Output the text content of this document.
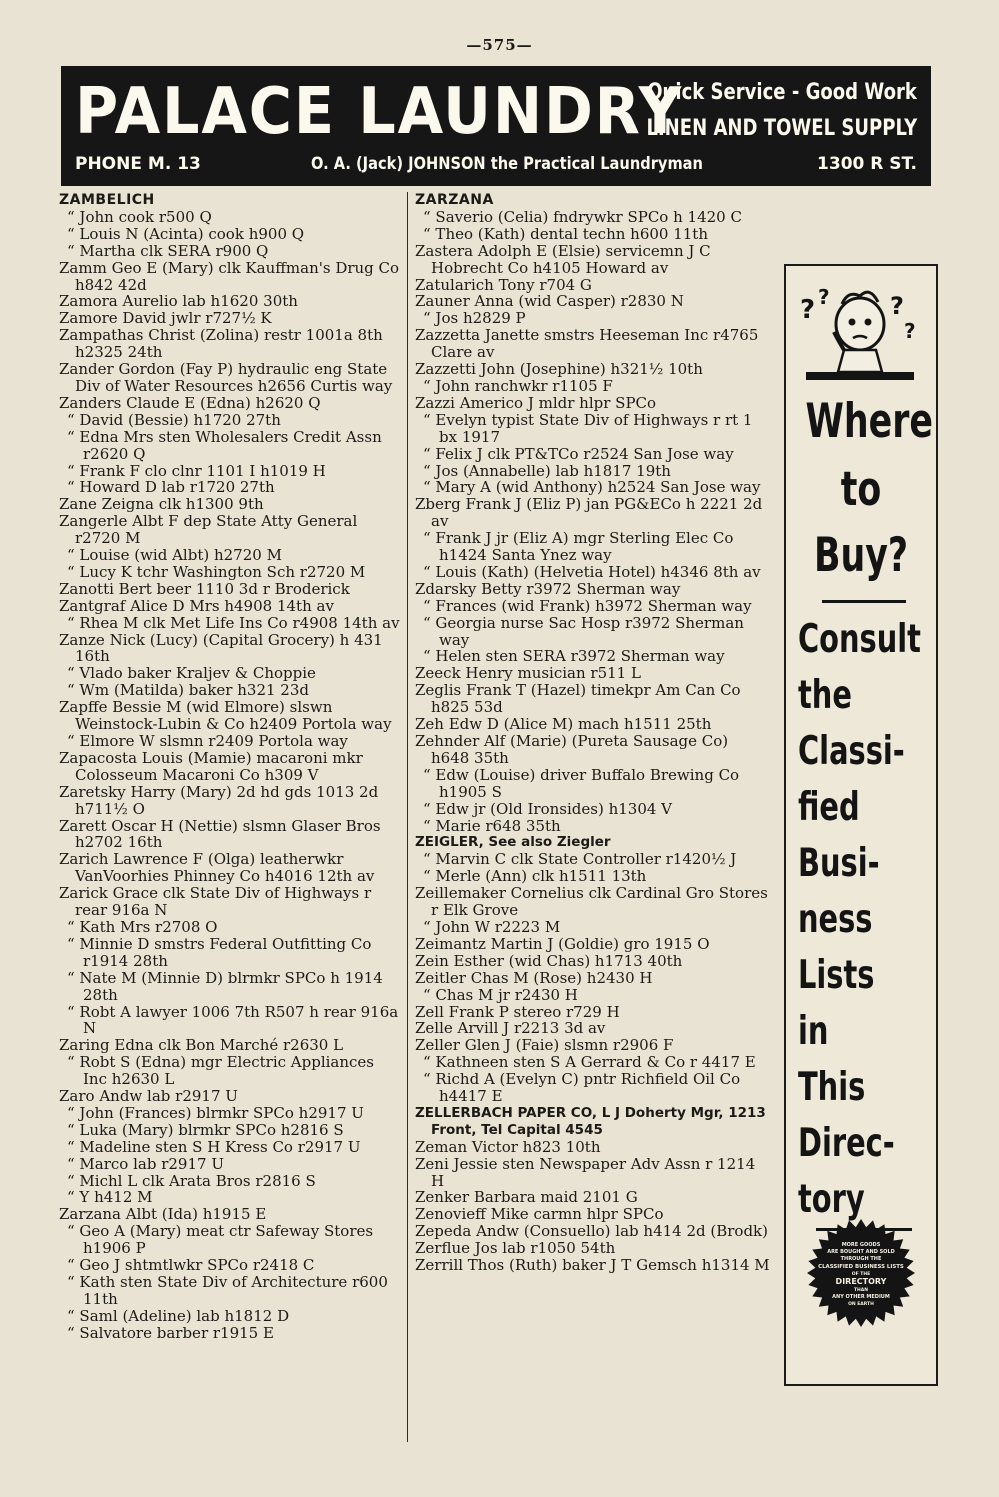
—575—
PALACE LAUNDRY
Quick Service - Good Work
LINEN AND TOWEL SUPPLY
PHONE M. 13	O. A. (Jack) JOHNSON the Practical Laundryman	1300 R ST.
ZAMBELICH
“ John cook r500 Q
“ Louis N (Acinta) cook h900 Q
“ Martha clk SERA r900 Q
Zamm Geo E (Mary) clk Kauffman's Drug Co h842 42d
Zamora Aurelio lab h1620 30th
Zamore David jwlr r727½ K
Zampathas Christ (Zolina) restr 1001a 8th h2325 24th
Zander Gordon (Fay P) hydraulic eng State Div of Water Resources h2656 Curtis way
Zanders Claude E (Edna) h2620 Q
“ David (Bessie) h1720 27th
“ Edna Mrs sten Wholesalers Credit Assn r2620 Q
“ Frank F clo clnr 1101 I h1019 H
“ Howard D lab r1720 27th
Zane Zeigna clk h1300 9th
Zangerle Albt F dep State Atty General r2720 M
“ Louise (wid Albt) h2720 M
“ Lucy K tchr Washington Sch r2720 M
Zanotti Bert beer 1110 3d r Broderick
Zantgraf Alice D Mrs h4908 14th av
“ Rhea M clk Met Life Ins Co r4908 14th av
Zanze Nick (Lucy) (Capital Grocery) h 431 16th
“ Vlado baker Kraljev & Choppie
“ Wm (Matilda) baker h321 23d
Zapffe Bessie M (wid Elmore) slswn Weinstock-Lubin & Co h2409 Portola way
“ Elmore W slsmn r2409 Portola way
Zapacosta Louis (Mamie) macaroni mkr Colosseum Macaroni Co h309 V
Zaretsky Harry (Mary) 2d hd gds 1013 2d h711½ O
Zarett Oscar H (Nettie) slsmn Glaser Bros h2702 16th
Zarich Lawrence F (Olga) leatherwkr VanVoorhies Phinney Co h4016 12th av
Zarick Grace clk State Div of Highways r rear 916a N
“ Kath Mrs r2708 O
“ Minnie D smstrs Federal Outfitting Co r1914 28th
“ Nate M (Minnie D) blrmkr SPCo h 1914 28th
“ Robt A lawyer 1006 7th R507 h rear 916a N
Zaring Edna clk Bon Marché r2630 L
“ Robt S (Edna) mgr Electric Appliances Inc h2630 L
Zaro Andw lab r2917 U
“ John (Frances) blrmkr SPCo h2917 U
“ Luka (Mary) blrmkr SPCo h2816 S
“ Madeline sten S H Kress Co r2917 U
“ Marco lab r2917 U
“ Michl L clk Arata Bros r2816 S
“ Y h412 M
Zarzana Albt (Ida) h1915 E
“ Geo A (Mary) meat ctr Safeway Stores h1906 P
“ Geo J shtmtlwkr SPCo r2418 C
“ Kath sten State Div of Architecture r600 11th
“ Saml (Adeline) lab h1812 D
“ Salvatore barber r1915 E
ZARZANA
“ Saverio (Celia) fndrywkr SPCo h 1420 C
“ Theo (Kath) dental techn h600 11th
Zastera Adolph E (Elsie) servicemn J C Hobrecht Co h4105 Howard av
Zatularich Tony r704 G
Zauner Anna (wid Casper) r2830 N
“ Jos h2829 P
Zazzetta Janette smstrs Heeseman Inc r4765 Clare av
Zazzetti John (Josephine) h321½ 10th
“ John ranchwkr r1105 F
Zazzi Americo J mldr hlpr SPCo
“ Evelyn typist State Div of Highways r rt 1 bx 1917
“ Felix J clk PT&TCo r2524 San Jose way
“ Jos (Annabelle) lab h1817 19th
“ Mary A (wid Anthony) h2524 San Jose way
Zberg Frank J (Eliz P) jan PG&ECo h 2221 2d av
“ Frank J jr (Eliz A) mgr Sterling Elec Co h1424 Santa Ynez way
“ Louis (Kath) (Helvetia Hotel) h4346 8th av
Zdarsky Betty r3972 Sherman way
“ Frances (wid Frank) h3972 Sherman way
“ Georgia nurse Sac Hosp r3972 Sherman way
“ Helen sten SERA r3972 Sherman way
Zeeck Henry musician r511 L
Zeglis Frank T (Hazel) timekpr Am Can Co h825 53d
Zeh Edw D (Alice M) mach h1511 25th
Zehnder Alf (Marie) (Pureta Sausage Co) h648 35th
“ Edw (Louise) driver Buffalo Brewing Co h1905 S
“ Edw jr (Old Ironsides) h1304 V
“ Marie r648 35th
ZEIGLER, See also Ziegler
“ Marvin C clk State Controller r1420½ J
“ Merle (Ann) clk h1511 13th
Zeillemaker Cornelius clk Cardinal Gro Stores r Elk Grove
“ John W r2223 M
Zeimantz Martin J (Goldie) gro 1915 O
Zein Esther (wid Chas) h1713 40th
Zeitler Chas M (Rose) h2430 H
“ Chas M jr r2430 H
Zell Frank P stereo r729 H
Zelle Arvill J r2213 3d av
Zeller Glen J (Faie) slsmn r2906 F
“ Kathneen sten S A Gerrard & Co r 4417 E
“ Richd A (Evelyn C) pntr Richfield Oil Co h4417 E
ZELLERBACH PAPER CO, L J Doherty Mgr, 1213 Front, Tel Capital 4545
Zeman Victor h823 10th
Zeni Jessie sten Newspaper Adv Assn r 1214 H
Zenker Barbara maid 2101 G
Zenovieff Mike carmn hlpr SPCo
Zepeda Andw (Consuello) lab h414 2d (Brodk)
Zerflue Jos lab r1050 54th
Zerrill Thos (Ruth) baker J T Gemsch h1314 M
? ?	?
?
Where
to
Buy?
Consult
the
Classi-
fied
Busi-
ness
Lists
in
This
Direc-
tory
MORE GOODS
ARE BOUGHT AND SOLD
THROUGH THE
CLASSIFIED BUSINESS LISTS
OF THE
DIRECTORY
THAN
ANY OTHER MEDIUM
ON EARTH
